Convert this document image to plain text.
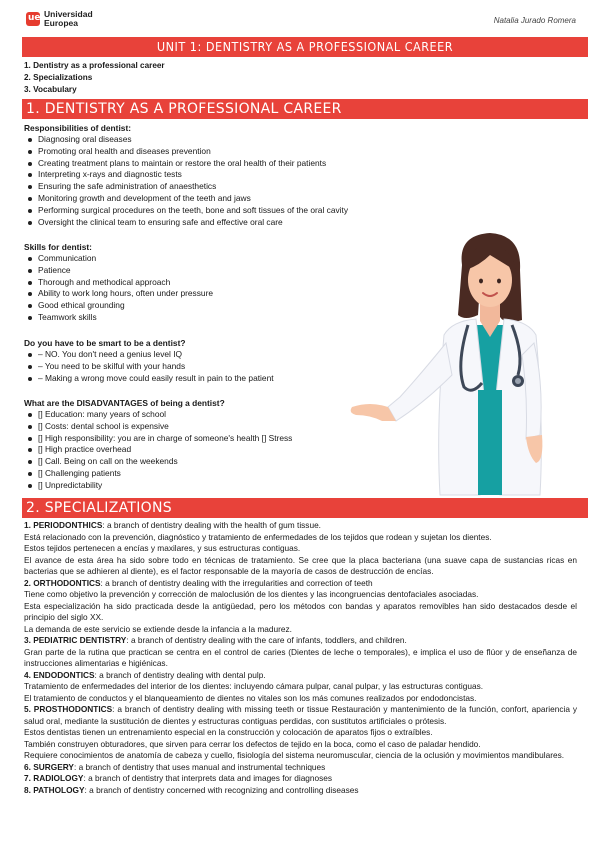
ue Universidad
Europea	Natalia Jurado Romera
UNIT 1: DENTISTRY AS A PROFESSIONAL CAREER
1. Dentistry as a professional career
2. Specializations
3. Vocabulary
1. DENTISTRY AS A PROFESSIONAL CAREER
Responsibilities of dentist:
Diagnosing oral diseases
Promoting oral health and diseases prevention
Creating treatment plans to maintain or restore the oral health of their patients
Interpreting x-rays and diagnostic tests
Ensuring the safe administration of anaesthetics
Monitoring growth and development of the teeth and jaws
Performing surgical procedures on the teeth, bone and soft tissues of the oral cavity
Oversight the clinical team to ensuring safe and effective oral care
Skills for dentist:
Communication
Patience
Thorough and methodical approach
Ability to work long hours, often under pressure
Good ethical grounding
Teamwork skills
Do you have to be smart to be a dentist?
– NO. You don't need a genius level IQ
– You need to be skilful with your hands
– Making a wrong move could easily result in pain to the patient
What are the DISADVANTAGES of being a dentist?
[] Education: many years of school
[] Costs: dental school is expensive
[] High responsibility: you are in charge of someone's health [] Stress
[] High practice overhead
[] Call. Being on call on the weekends
[] Challenging patients
[] Unpredictability
2. SPECIALIZATIONS

1. PERIODONTHICS: a branch of dentistry dealing with the health of gum tissue.

Está relacionado con la prevención, diagnóstico y tratamiento de enfermedades de los tejidos que rodean y sujetan los dientes.

Estos tejidos pertenecen a encías y maxilares, y sus estructuras contiguas.

El avance de esta área ha sido sobre todo en técnicas de tratamiento. Se cree que la placa bacteriana (una suave capa de sustancias ricas en bacterias que se adhieren al diente), es el factor responsable de la mayoría de casos de destrucción de encías.

2. ORTHODONTICS: a branch of dentistry dealing with the irregularities and correction of teeth

Tiene como objetivo la prevención y corrección de maloclusión de los dientes y las incongruencias dentofaciales asociadas.

Esta especialización ha sido practicada desde la antigüedad, pero los métodos con bandas y aparatos removibles han sido destacados desde el principio del siglo XX.

La demanda de este servicio se extiende desde la infancia a la madurez.

3. PEDIATRIC DENTISTRY: a branch of dentistry dealing with the care of infants, toddlers, and children.

Gran parte de la rutina que practican se centra en el control de caries (Dientes de leche o temporales), e implica el uso de flúor y de enseñanza de instrucciones alimentarias e higiénicas.

4. ENDODONTICS: a branch of dentistry dealing with dental pulp.

Tratamiento de enfermedades del interior de los dientes: incluyendo cámara pulpar, canal pulpar, y las estructuras contiguas.

El tratamiento de conductos y el blanqueamiento de dientes no vitales son los más comunes realizados por endodoncistas.

5. PROSTHODONTICS: a branch of dentistry dealing with missing teeth or tissue Restauración y mantenimiento de la función, confort, apariencia y salud oral, mediante la sustitución de dientes y estructuras contiguas perdidas, con sustitutos artificiales o prótesis.

Estos dentistas tienen un entrenamiento especial en la construcción y colocación de aparatos fijos o extraíbles.

También construyen obturadores, que sirven para cerrar los defectos de tejido en la boca, como el caso de paladar hendido.

Requiere conocimientos de anatomía de cabeza y cuello, fisiología del sistema neuromuscular, ciencia de la oclusión y movimientos mandibulares.

6. SURGERY: a branch of dentistry that uses manual and instrumental techniques

7. RADIOLOGY: a branch of dentistry that interprets data and images for diagnoses

8. PATHOLOGY: a branch of dentistry concerned with recognizing and controlling diseases
